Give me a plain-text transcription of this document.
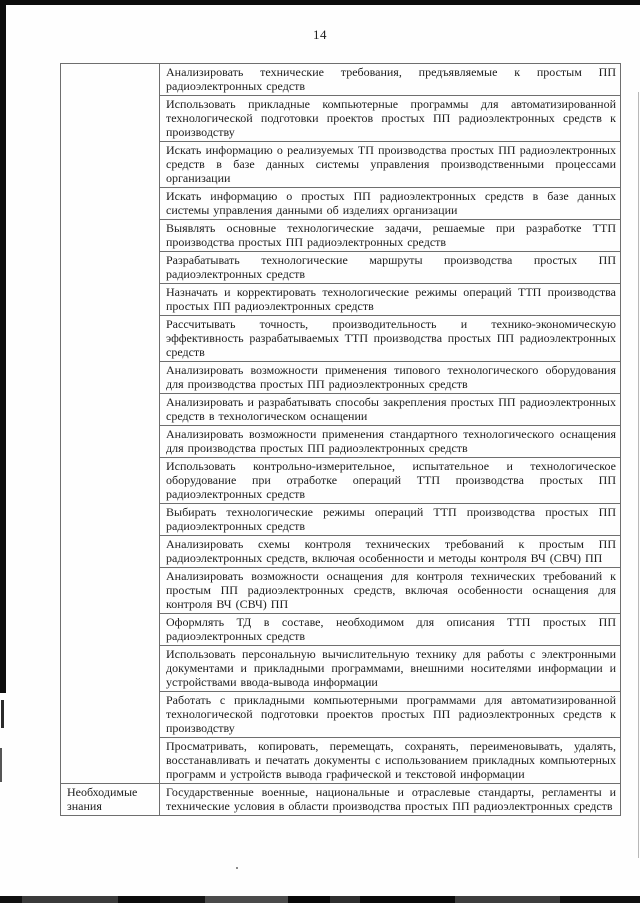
14
	Анализировать технические требования, предъявляемые к простым ПП радиоэлектронных средств
	Использовать прикладные компьютерные программы для автоматизированной технологической подготовки проектов простых ПП радиоэлектронных средств к производству
	Искать информацию о реализуемых ТП производства простых ПП радиоэлектронных средств в базе данных системы управления производственными процессами организации
	Искать информацию о простых ПП радиоэлектронных средств в базе данных системы управления данными об изделиях организации
	Выявлять основные технологические задачи, решаемые при разработке ТТП производства простых ПП радиоэлектронных средств
	Разрабатывать технологические маршруты производства простых ПП радиоэлектронных средств
	Назначать и корректировать технологические режимы операций ТТП производства простых ПП радиоэлектронных средств
	Рассчитывать точность, производительность и технико-экономическую эффективность разрабатываемых ТТП производства простых ПП радиоэлектронных средств
	Анализировать возможности применения типового технологического оборудования для производства простых ПП радиоэлектронных средств
	Анализировать и разрабатывать способы закрепления простых ПП радиоэлектронных средств в технологическом оснащении
	Анализировать возможности применения стандартного технологического оснащения для производства простых ПП радиоэлектронных средств
	Использовать контрольно-измерительное, испытательное и технологическое оборудование при отработке операций ТТП производства простых ПП радиоэлектронных средств
	Выбирать технологические режимы операций ТТП производства простых ПП радиоэлектронных средств
	Анализировать схемы контроля технических требований к простым ПП радиоэлектронных средств, включая особенности и методы контроля ВЧ (СВЧ) ПП
	Анализировать возможности оснащения для контроля технических требований к простым ПП радиоэлектронных средств, включая особенности оснащения для контроля ВЧ (СВЧ) ПП
	Оформлять ТД в составе, необходимом для описания ТТП простых ПП радиоэлектронных средств
	Использовать персональную вычислительную технику для работы с электронными документами и прикладными программами, внешними носителями информации и устройствами ввода-вывода информации
	Работать с прикладными компьютерными программами для автоматизированной технологической подготовки проектов простых ПП радиоэлектронных средств к производству
	Просматривать, копировать, перемещать, сохранять, переименовывать, удалять, восстанавливать и печатать документы с использованием прикладных компьютерных программ и устройств вывода графической и текстовой информации
Необходимые знания	Государственные военные, национальные и отраслевые стандарты, регламенты и технические условия в области производства простых ПП радиоэлектронных средств
